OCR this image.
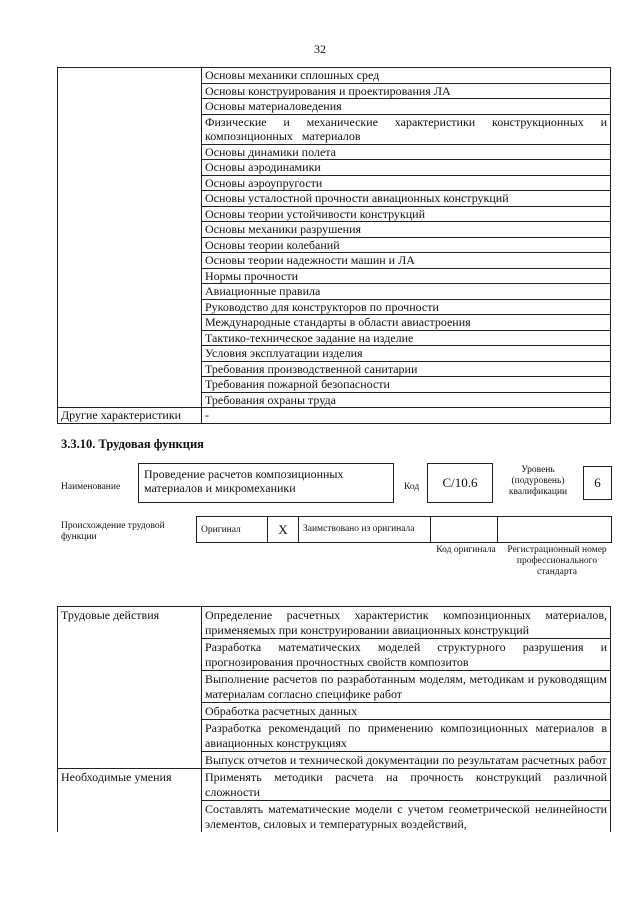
32
	Основы механики сплошных сред
	Основы конструирования и проектирования ЛА
	Основы материаловедения
	Физические и механические характеристики конструкционных и композиционных материалов
	Основы динамики полета
	Основы аэродинамики
	Основы аэроупругости
	Основы усталостной прочности авиационных конструкций
	Основы теории устойчивости конструкций
	Основы механики разрушения
	Основы теории колебаний
	Основы теории надежности машин и ЛА
	Нормы прочности
	Авиационные правила
	Руководство для конструкторов по прочности
	Международные стандарты в области авиастроения
	Тактико-техническое задание на изделие
	Условия эксплуатации изделия
	Требования производственной санитарии
	Требования пожарной безопасности
	Требования охраны труда
Другие характеристики	-
3.3.10. Трудовая функция
Наименование
Проведение расчетов композиционных материалов и микромеханики	Код	С/10.6
Уровень (подуровень) квалификации
6
Происхождение трудовой функции
Оригинал	X	Заимствовано из оригинала		
Код оригинала	Регистрационный номер профессионального стандарта
Трудовые действия	Определение расчетных характеристик композиционных материалов, применяемых при конструировании авиационных конструкций
	Разработка математических моделей структурного разрушения и прогнозирования прочностных свойств композитов
	Выполнение расчетов по разработанным моделям, методикам и руководящим материалам согласно специфике работ
	Обработка расчетных данных
	Разработка рекомендаций по применению композиционных материалов в авиационных конструкциях
	Выпуск отчетов и технической документации по результатам расчетных работ
Необходимые умения	Применять методики расчета на прочность конструкций различной сложности
	Составлять математические модели с учетом геометрической нелинейности элементов, силовых и температурных воздействий,
